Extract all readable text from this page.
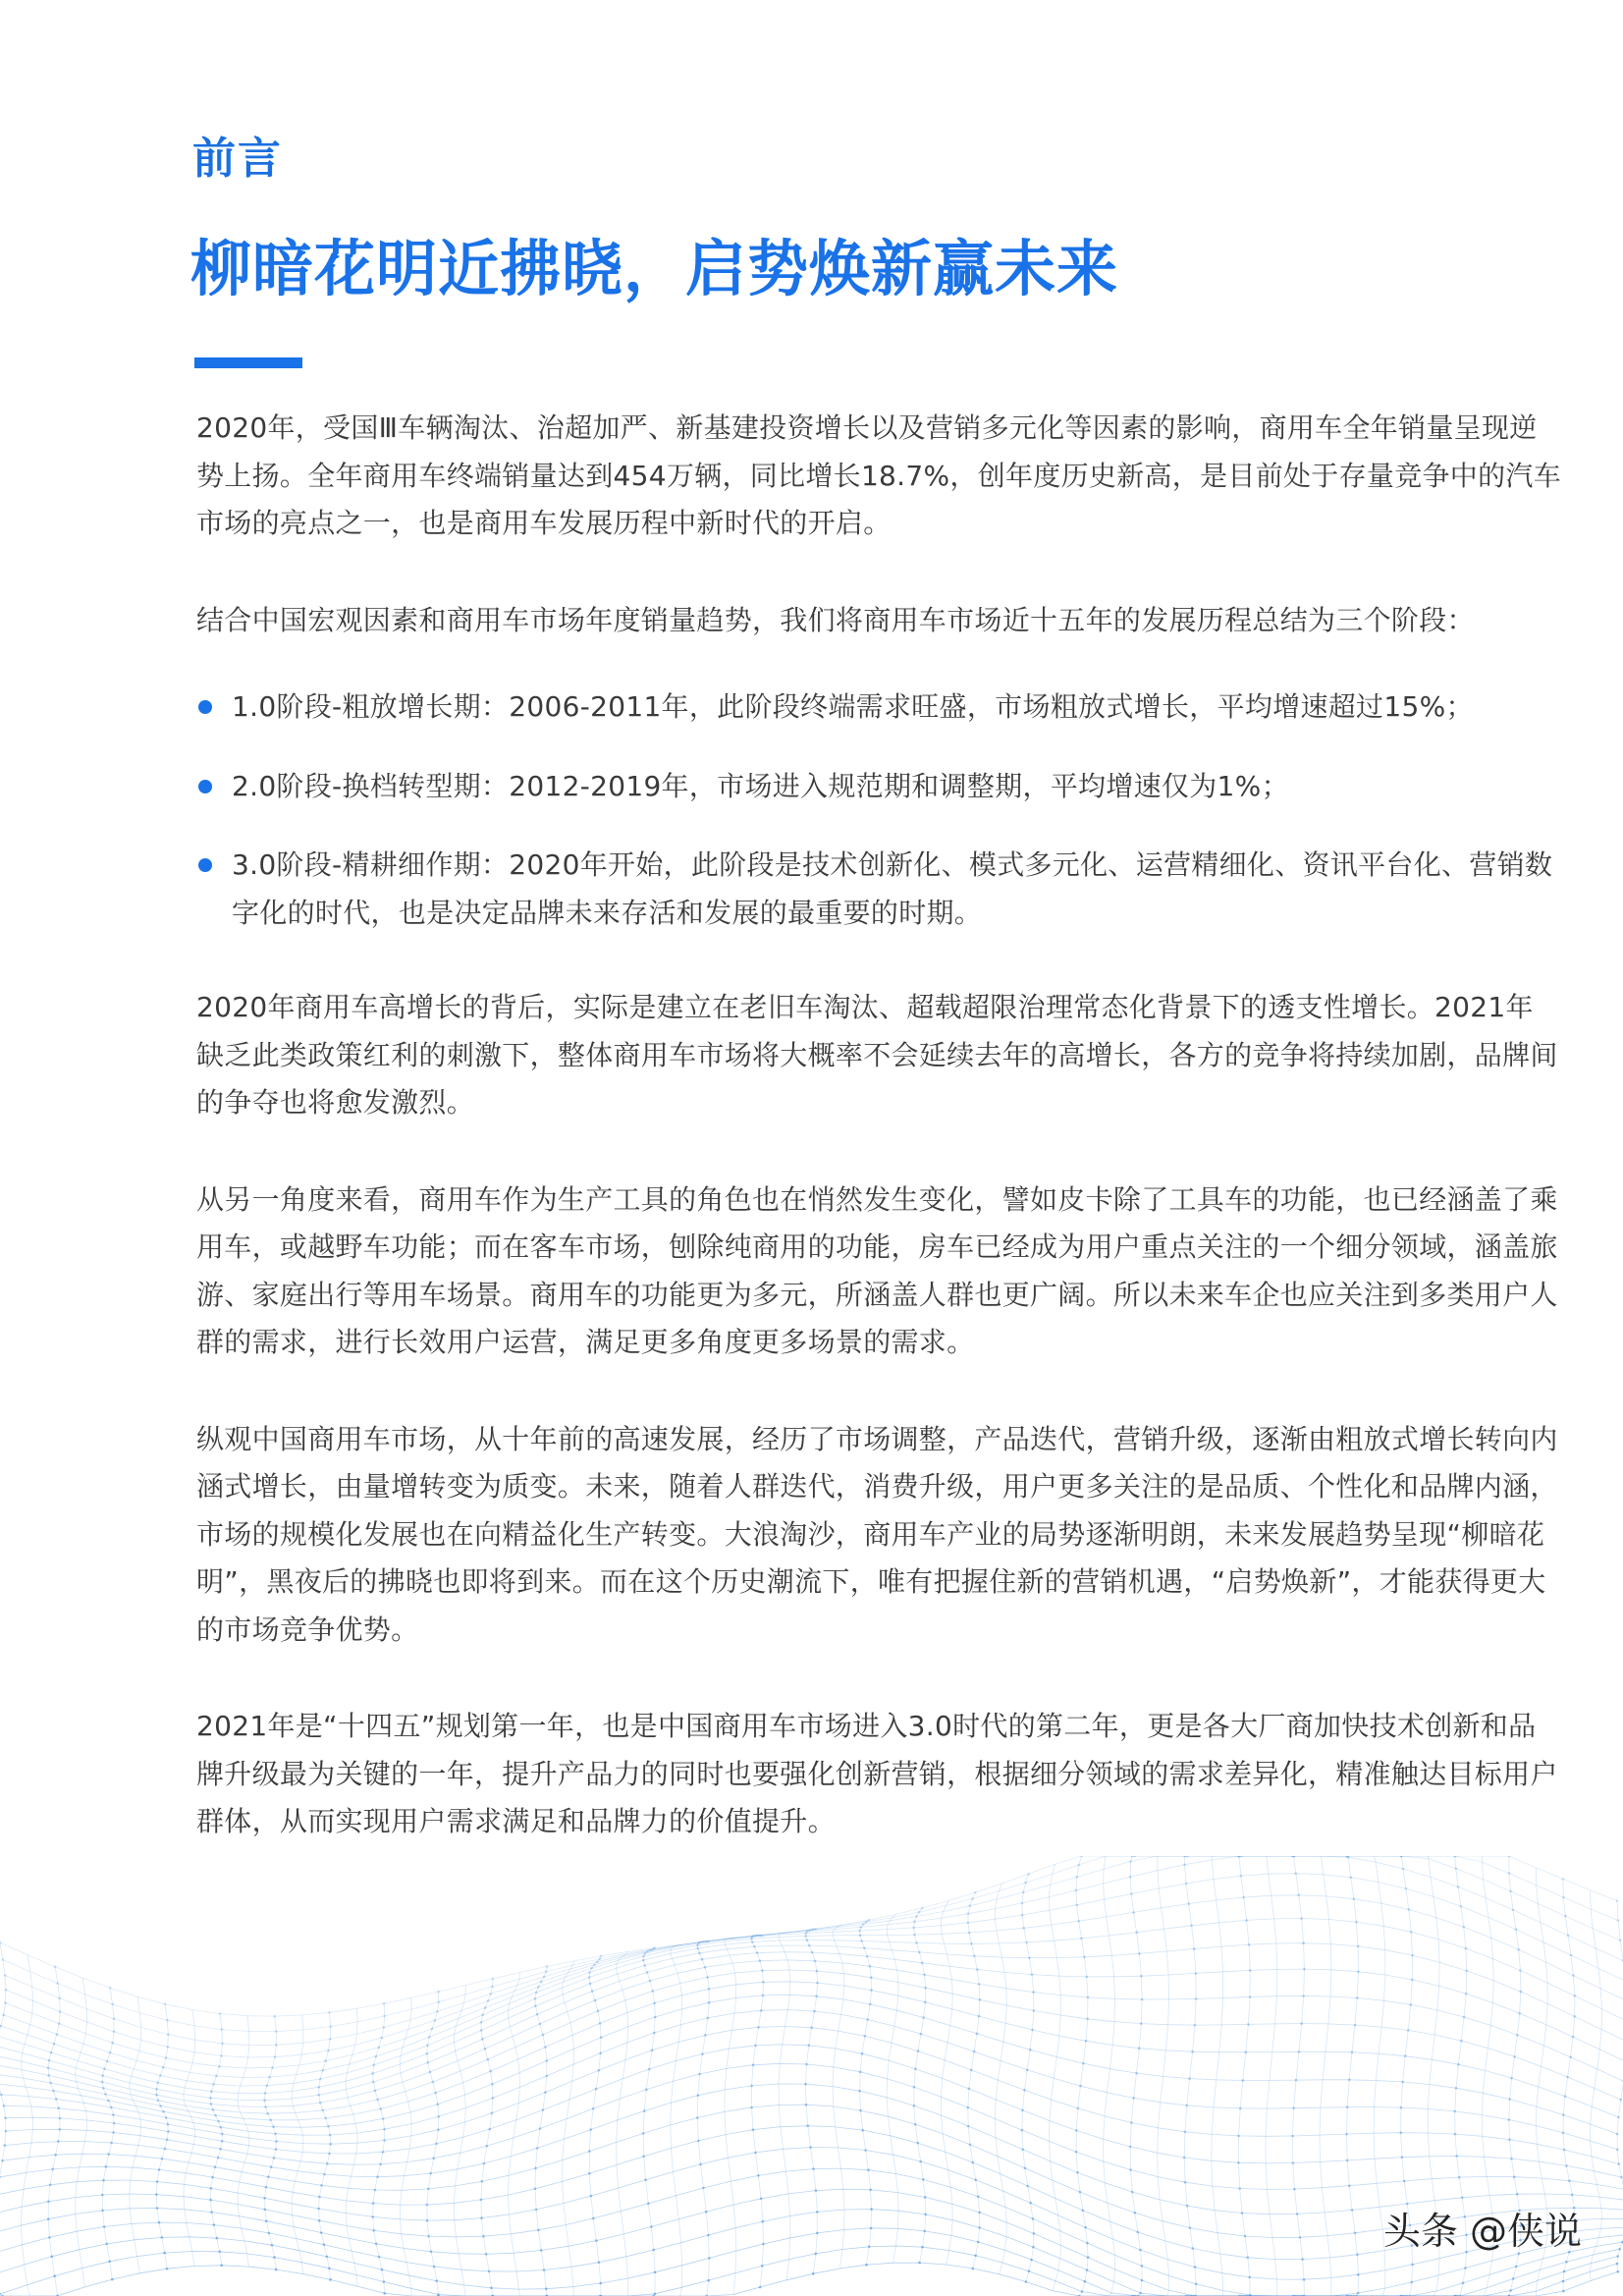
前言
柳暗花明近拂晓，启势焕新赢未来

2020年，受国Ⅲ车辆淘汰、治超加严、新基建投资增长以及营销多元化等因素的影响，商用车全年销量呈现逆势上扬。全年商用车终端销量达到454万辆，同比增长18.7%，创年度历史新高，是目前处于存量竞争中的汽车市场的亮点之一，也是商用车发展历程中新时代的开启。

结合中国宏观因素和商用车市场年度销量趋势，我们将商用车市场近十五年的发展历程总结为三个阶段：

1.0阶段-粗放增长期：2006-2011年，此阶段终端需求旺盛，市场粗放式增长，平均增速超过15%；
2.0阶段-换档转型期：2012-2019年，市场进入规范期和调整期，平均增速仅为1%；
3.0阶段-精耕细作期：2020年开始，此阶段是技术创新化、模式多元化、运营精细化、资讯平台化、营销数字化的时代，也是决定品牌未来存活和发展的最重要的时期。

2020年商用车高增长的背后，实际是建立在老旧车淘汰、超载超限治理常态化背景下的透支性增长。2021年缺乏此类政策红利的刺激下，整体商用车市场将大概率不会延续去年的高增长，各方的竞争将持续加剧，品牌间的争夺也将愈发激烈。

从另一角度来看，商用车作为生产工具的角色也在悄然发生变化，譬如皮卡除了工具车的功能，也已经涵盖了乘用车，或越野车功能；而在客车市场，刨除纯商用的功能，房车已经成为用户重点关注的一个细分领域，涵盖旅游、家庭出行等用车场景。商用车的功能更为多元，所涵盖人群也更广阔。所以未来车企也应关注到多类用户人群的需求，进行长效用户运营，满足更多角度更多场景的需求。

纵观中国商用车市场，从十年前的高速发展，经历了市场调整，产品迭代，营销升级，逐渐由粗放式增长转向内涵式增长，由量增转变为质变。未来，随着人群迭代，消费升级，用户更多关注的是品质、个性化和品牌内涵，市场的规模化发展也在向精益化生产转变。大浪淘沙，商用车产业的局势逐渐明朗，未来发展趋势呈现“柳暗花明”，黑夜后的拂晓也即将到来。而在这个历史潮流下，唯有把握住新的营销机遇，“启势焕新”，才能获得更大的市场竞争优势。

2021年是“十四五”规划第一年，也是中国商用车市场进入3.0时代的第二年，更是各大厂商加快技术创新和品牌升级最为关键的一年，提升产品力的同时也要强化创新营销，根据细分领域的需求差异化，精准触达目标用户群体，从而实现用户需求满足和品牌力的价值提升。

头条 @侠说
